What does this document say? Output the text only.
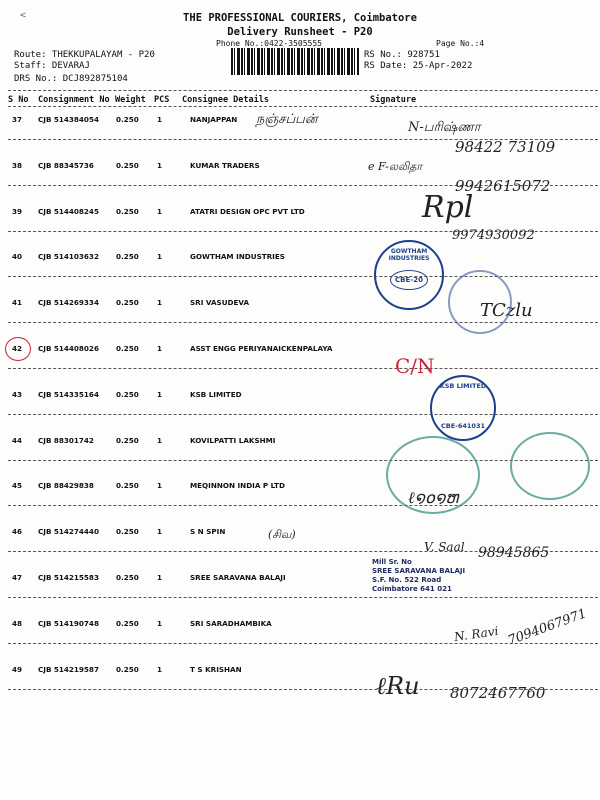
THE PROFESSIONAL COURIERS, Coimbatore
Delivery Runsheet - P20
Phone No.:0422-3505555	Page No.:4
Route: THEKKUPALAYAM - P20
Staff: DEVARAJ
DRS No.: DCJ892875104
RS No.: 928751
RS Date: 25-Apr-2022
S No Consignment No Weight PCS Consignee Details	Signature
37 CJB 514384054 0.250	1	NANJAPPAN
38 CJB 88345736	0.250	1	KUMAR TRADERS
39 CJB 514408245 0.250	1	ATATRI DESIGN OPC PVT LTD
40 CJB 514103632 0.250	1	GOWTHAM INDUSTRIES
41 CJB 514269334 0.250	1	SRI VASUDEVA
42 CJB 514408026 0.250	1	ASST ENGG PERIYANAICKENPALAYA
43 CJB 514335164 0.250	1	KSB LIMITED
44 CJB 88301742	0.250	1	KOVILPATTI LAKSHMI
45 CJB 88429838	0.250	1	MEQINNON INDIA P LTD
46 CJB 514274440 0.250	1	S N SPIN
47 CJB 514215583 0.250	1	SREE SARAVANA BALAJI
48 CJB 514190748 0.250	1	SRI SARADHAMBIKA
49 CJB 514219587 0.250	1	T S KRISHAN
நஞ்சப்பன்
N-பரிஷ்ணா
98422 73109
e F-லலிதா
9942615072
Rpl
9974930092
C/N
(சிவ)
V. Saal 98945865
N. Ravi 7094067971
8072467760
ℓRu
TCzlu
ℓ໑໐໑ຫ
GOWTHAM INDUSTRIES
CBE-20
KSB LIMITED
CBE-641031
Mill Sr. No
SREE SARAVANA BALAJI
S.F. No. 522 Road
Coimbatore 641 021
<
